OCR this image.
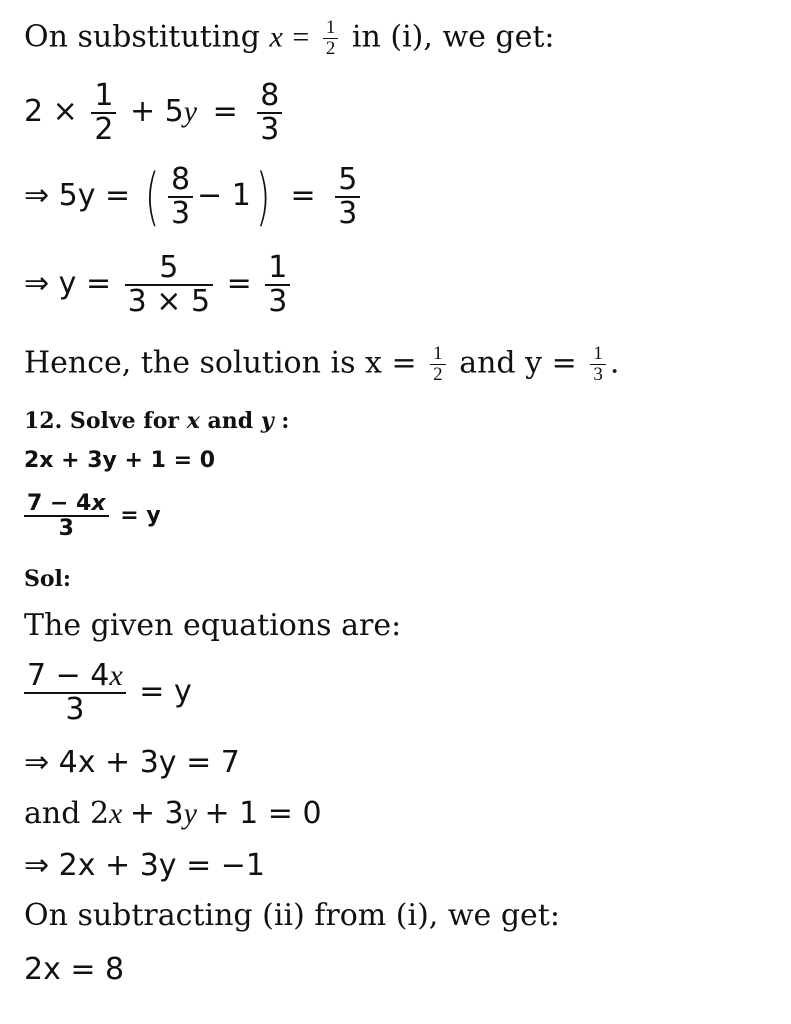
On substituting $x = \frac{1}{2}$ in (i), we get:
$2 \times \frac{1}{2} + 5y = \frac{8}{3}$
⇒ 5y = ( $\frac{8}{3} - 1) = \frac{5}{3}$
⇒ $y = \frac{5}{3 \times 5} = \frac{1}{3}$
Hence, the solution is $x = \frac{1}{2}$ and $y = \frac{1}{3}$ .
12. Solve for x and y :
2x + 3y + 1 = 0
$\frac{7 - 4x}{3} = y$
Sol:
The given equations are:
$\frac{7 - 4x}{3} = y$
⇒ 4x + 3y = 7
and 2x + 3y + 1 = 0
⇒ 2x + 3y = −1
On subtracting (ii) from (i), we get:
2x = 8
